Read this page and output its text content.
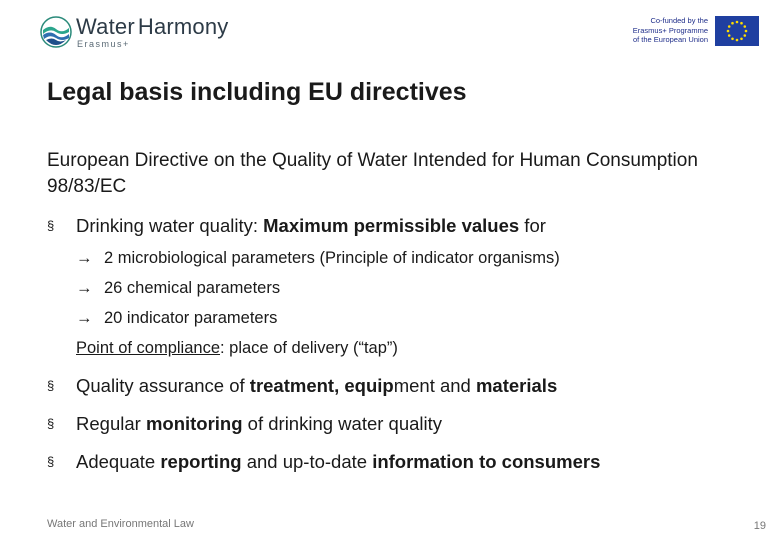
Water Harmony
Erasmus+
Co-funded by the
Erasmus+ Programme
of the European Union
Legal basis including EU directives
European Directive on the Quality of Water Intended for Human Consumption 98/83/EC
§ Drinking water quality: Maximum permissible values for
→ 2 microbiological parameters (Principle of indicator organisms)
→ 26 chemical parameters
→ 20 indicator parameters
Point of compliance: place of delivery (“tap”)
§ Quality assurance of treatment, equipment and materials
§ Regular monitoring of drinking water quality
§ Adequate reporting and up-to-date information to consumers
Water and Environmental Law	19
